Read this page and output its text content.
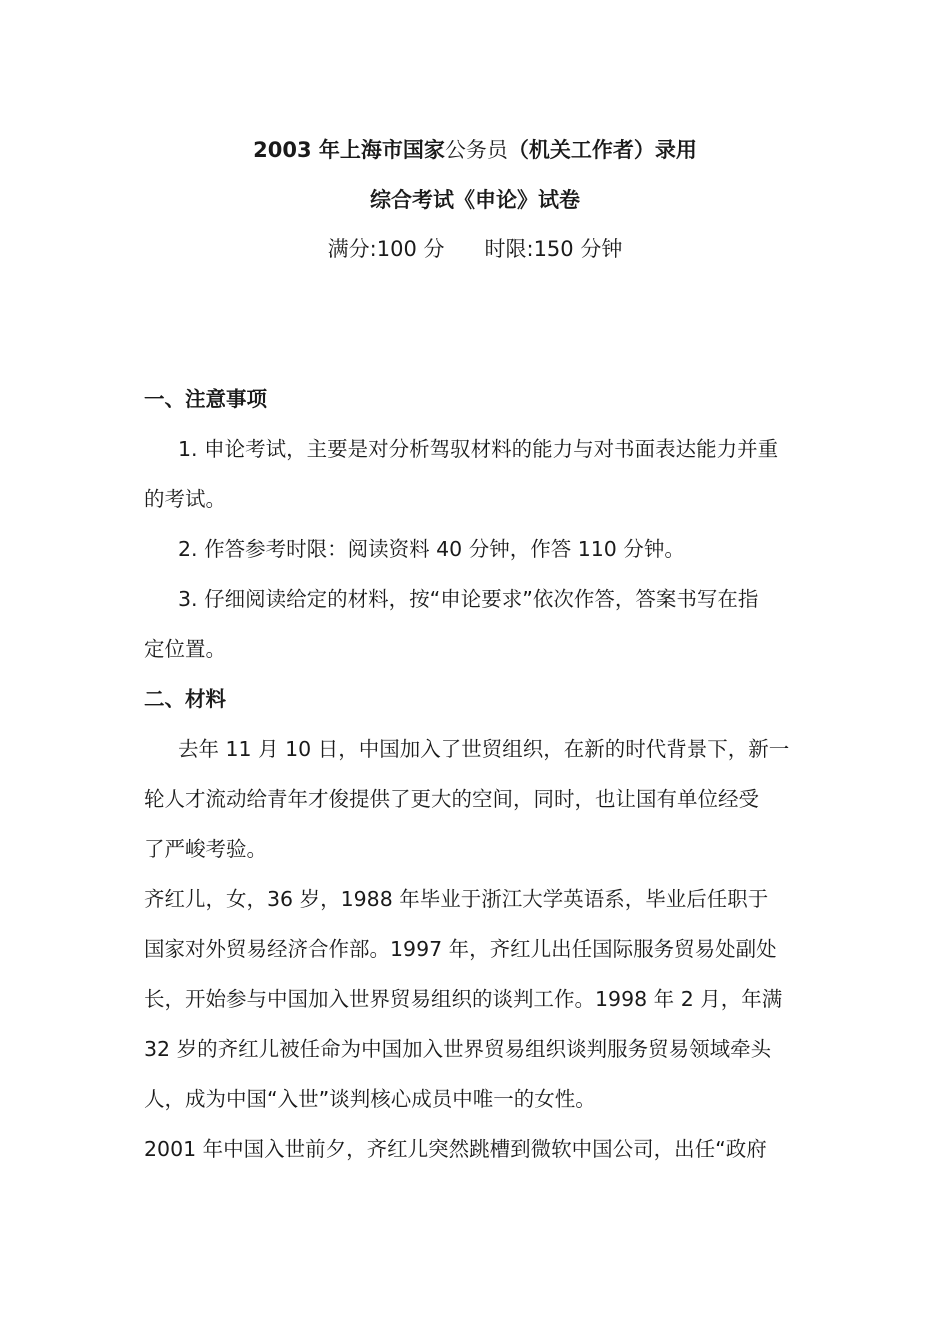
2003 年上海市国家公务员（机关工作者）录用
综合考试《申论》试卷
满分:100 分 时限:150 分钟
一、注意事项
1. 申论考试，主要是对分析驾驭材料的能力与对书面表达能力并重
的考试。
2. 作答参考时限：阅读资料 40 分钟，作答 110 分钟。
3. 仔细阅读给定的材料，按“申论要求”依次作答，答案书写在指
定位置。
二、材料
去年 11 月 10 日，中国加入了世贸组织，在新的时代背景下，新一
轮人才流动给青年才俊提供了更大的空间，同时，也让国有单位经受
了严峻考验。
齐红儿，女，36 岁，1988 年毕业于浙江大学英语系，毕业后任职于
国家对外贸易经济合作部。1997 年，齐红儿出任国际服务贸易处副处
长，开始参与中国加入世界贸易组织的谈判工作。1998 年 2 月，年满
32 岁的齐红儿被任命为中国加入世界贸易组织谈判服务贸易领域牵头
人，成为中国“入世”谈判核心成员中唯一的女性。
2001 年中国入世前夕，齐红儿突然跳槽到微软中国公司，出任“政府
